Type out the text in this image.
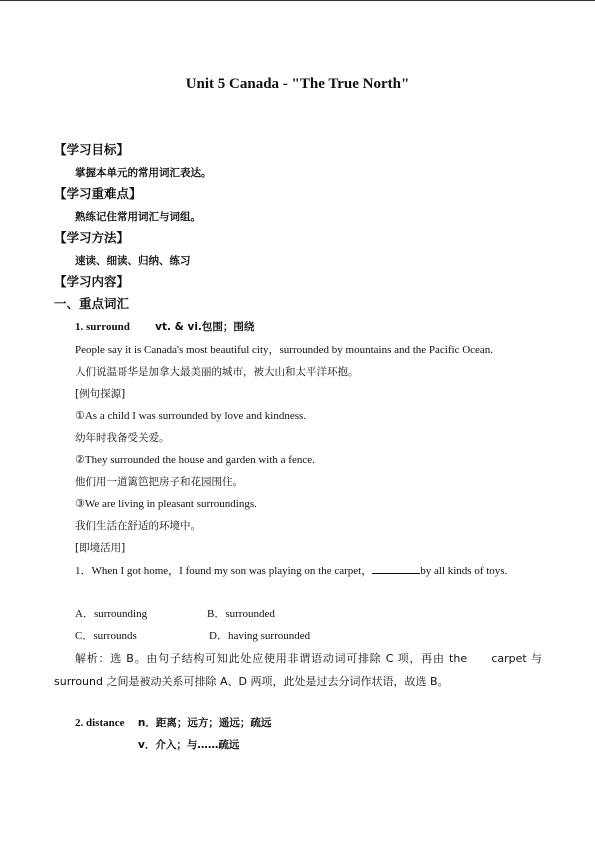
Unit 5 Canada - "The True North"
【学习目标】
掌握本单元的常用词汇表达。
【学习重难点】
熟练记住常用词汇与词组。
【学习方法】
速读、细读、归纳、练习
【学习内容】
一、重点词汇
1. surround vt. & vi.包围；围绕
People say it is Canada's most beautiful city，surrounded by mountains and the Pacific Ocean.
人们说温哥华是加拿大最美丽的城市，被大山和太平洋环抱。
[例句探源]
①As a child I was surrounded by love and kindness.
幼年时我备受关爱。
②They surrounded the house and garden with a fence.
他们用一道篱笆把房子和花园围住。
③We are living in pleasant surroundings.
我们生活在舒适的环境中。
[即境活用]
1．When I got home，I found my son was playing on the carpet，	by all kinds of toys.
A．surrounding	B．surrounded
C．surrounds	D．having surrounded
解析：选 B。由句子结构可知此处应使用非谓语动词可排除 C 项，再由 the　　carpet 与 surround 之间是被动关系可排除 A、D 两项，此处是过去分词作状语，故选 B。
2. distance n．距离；远方；遥远；疏远
v．介入；与……疏远
